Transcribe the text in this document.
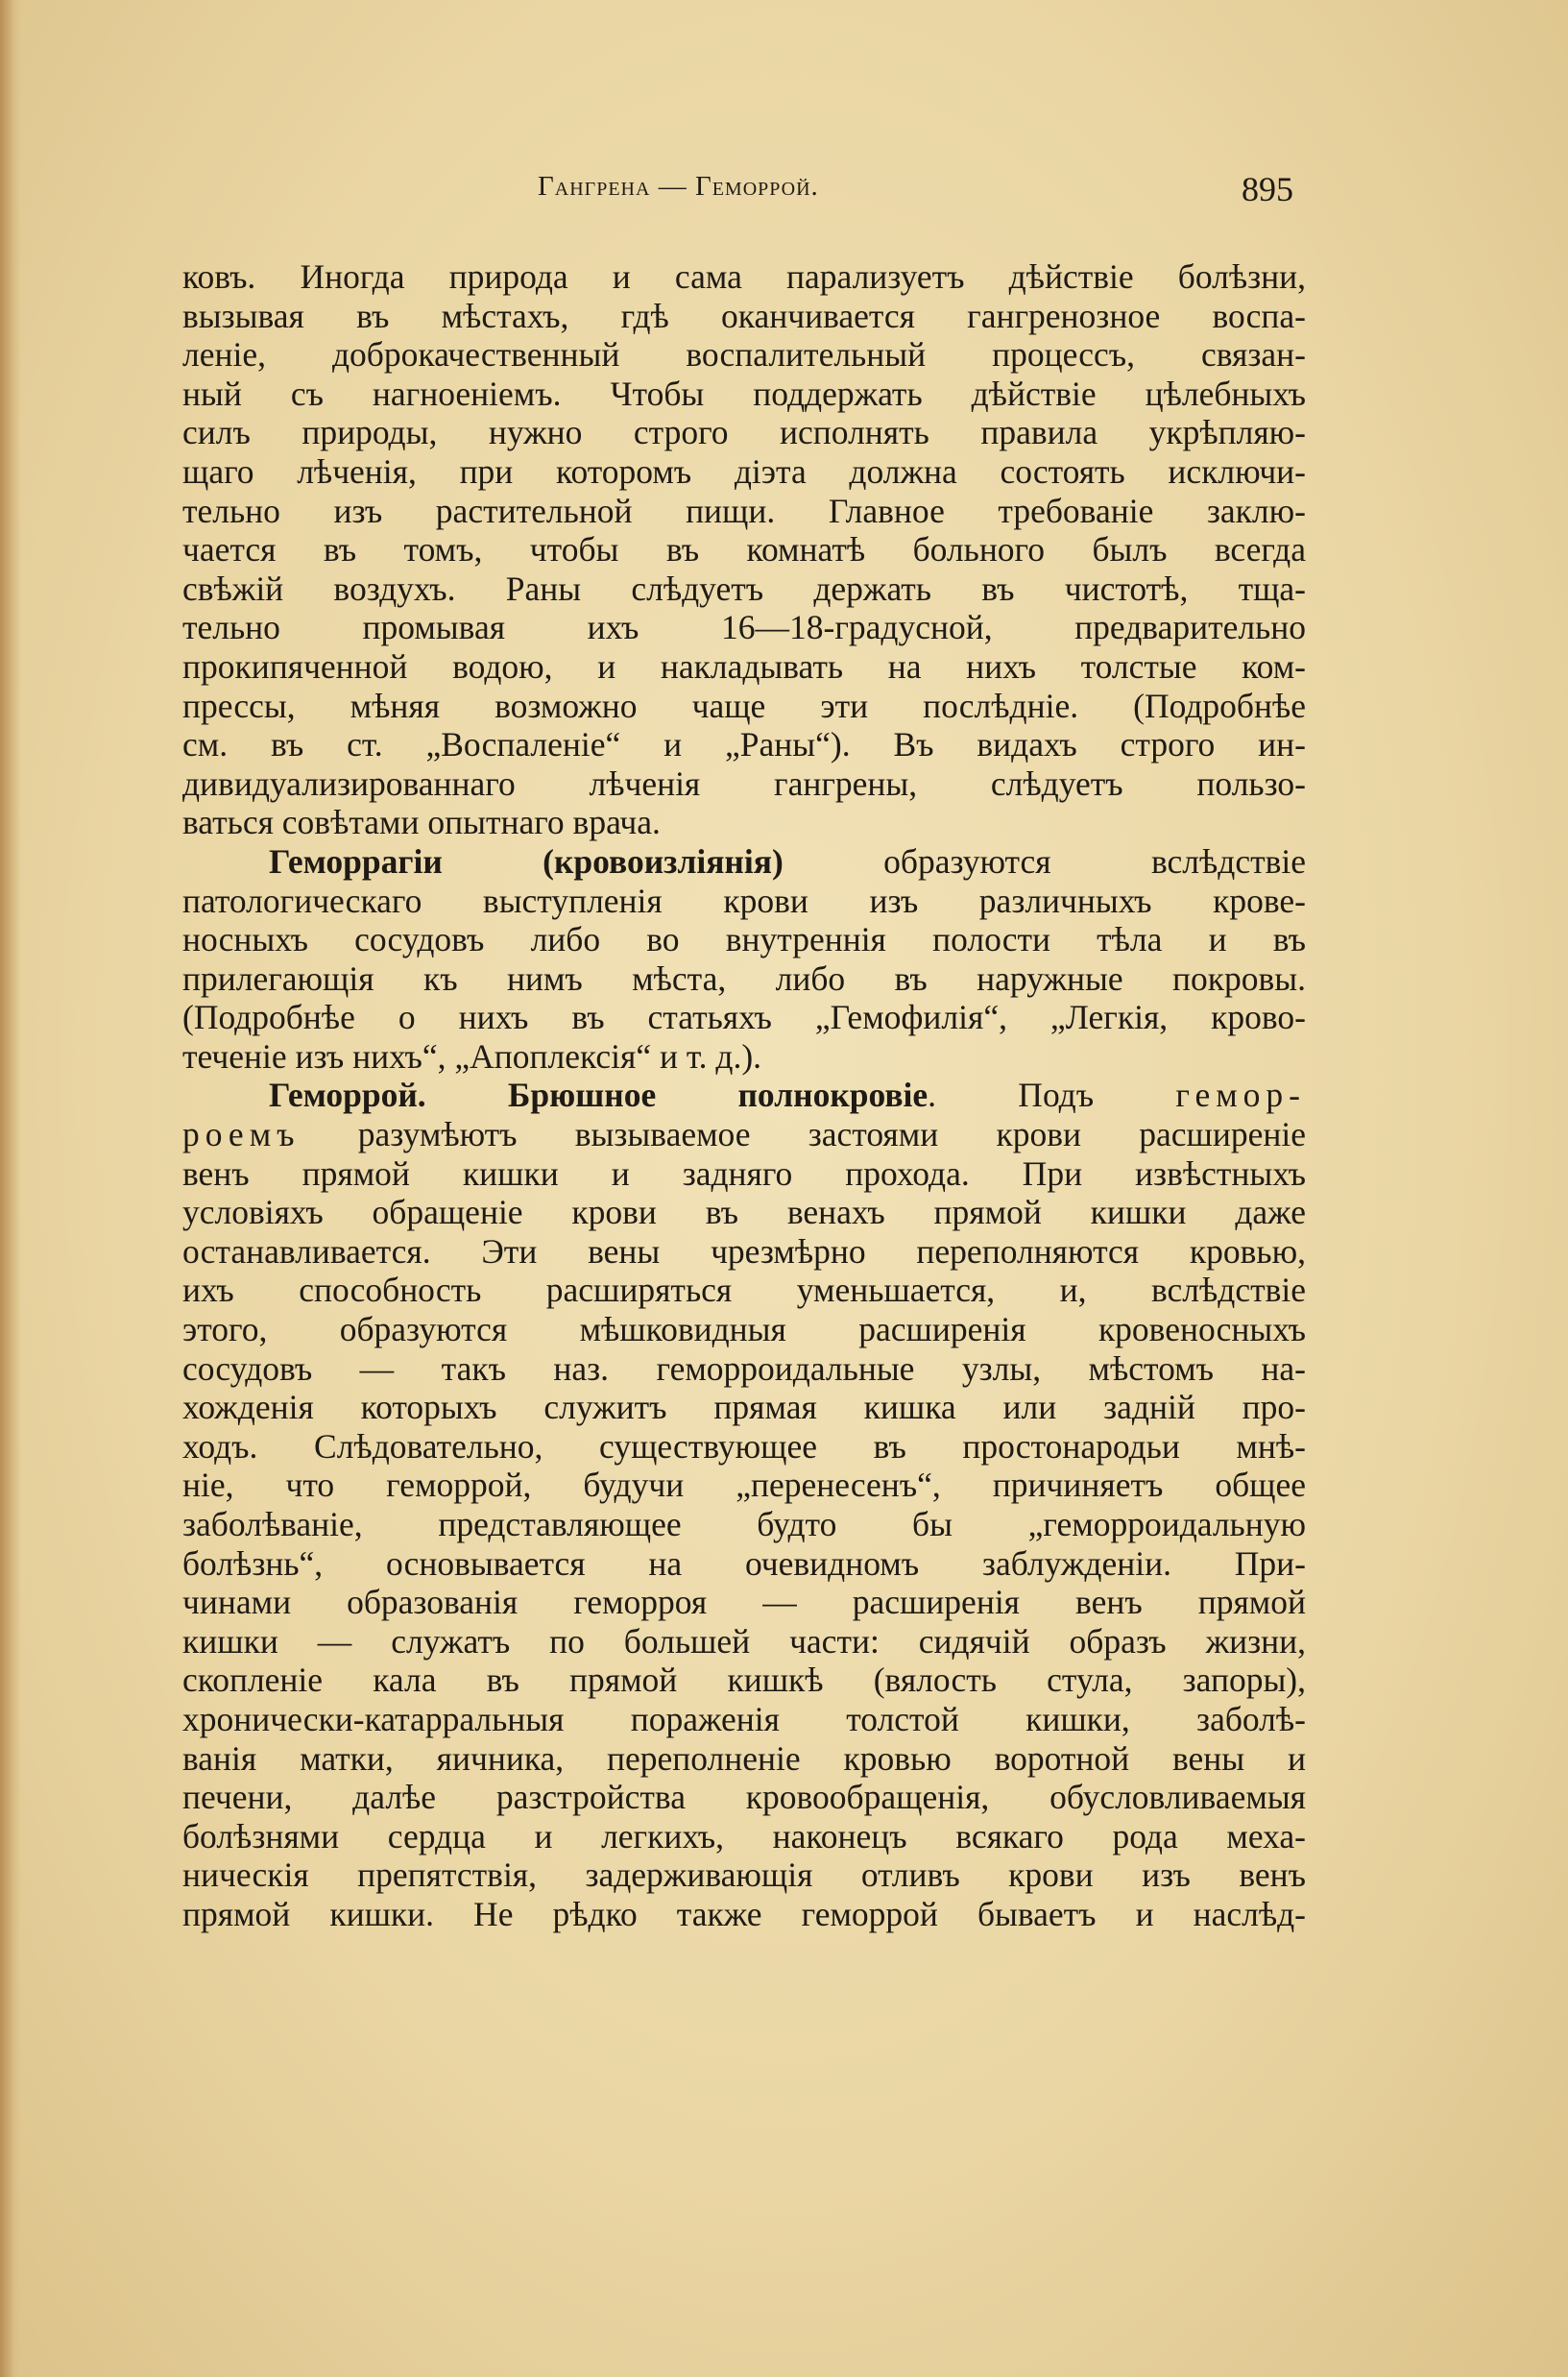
Гангрена — Геморрой.	895
ковъ. Иногда природа и сама парализуетъ дѣйствіе болѣзни,
вызывая въ мѣстахъ, гдѣ оканчивается гангренозное воспа-
леніе, доброкачественный воспалительный процессъ, связан-
ный съ нагноеніемъ. Чтобы поддержать дѣйствіе цѣлебныхъ
силъ природы, нужно строго исполнять правила укрѣпляю-
щаго лѣченія, при которомъ діэта должна состоять исключи-
тельно изъ растительной пищи. Главное требованіе заклю-
чается въ томъ, чтобы въ комнатѣ больного былъ всегда
свѣжій воздухъ. Раны слѣдуетъ держать въ чистотѣ, тща-
тельно промывая ихъ 16—18-градусной, предварительно
прокипяченной водою, и накладывать на нихъ толстые ком-
прессы, мѣняя возможно чаще эти послѣдніе. (Подробнѣе
см. въ ст. „Воспаленіе“ и „Раны“). Въ видахъ строго ин-
дивидуализированнаго лѣченія гангрены, слѣдуетъ пользо-
ваться совѣтами опытнаго врача.
Геморрагіи (кровоизліянія) образуются вслѣдствіе
патологическаго выступленія крови изъ различныхъ крове-
носныхъ сосудовъ либо во внутреннія полости тѣла и въ
прилегающія къ нимъ мѣста, либо въ наружные покровы.
(Подробнѣе о нихъ въ статьяхъ „Гемофилія“, „Легкія, крово-
теченіе изъ нихъ“, „Апоплексія“ и т. д.).
Геморрой. Брюшное полнокровіе. Подъ гемор-
роемъ разумѣютъ вызываемое застоями крови расширеніе
венъ прямой кишки и задняго прохода. При извѣстныхъ
условіяхъ обращеніе крови въ венахъ прямой кишки даже
останавливается. Эти вены чрезмѣрно переполняются кровью,
ихъ способность расширяться уменьшается, и, вслѣдствіе
этого, образуются мѣшковидныя расширенія кровеносныхъ
сосудовъ — такъ наз. геморроидальные узлы, мѣстомъ на-
хожденія которыхъ служитъ прямая кишка или задній про-
ходъ. Слѣдовательно, существующее въ простонародьи мнѣ-
ніе, что геморрой, будучи „перенесенъ“, причиняетъ общее
заболѣваніе, представляющее будто бы „геморроидальную
болѣзнь“, основывается на очевидномъ заблужденіи. При-
чинами образованія геморроя — расширенія венъ прямой
кишки — служатъ по большей части: сидячій образъ жизни,
скопленіе кала въ прямой кишкѣ (вялость стула, запоры),
хронически-катарральныя пораженія толстой кишки, заболѣ-
ванія матки, яичника, переполненіе кровью воротной вены и
печени, далѣе разстройства кровообращенія, обусловливаемыя
болѣзнями сердца и легкихъ, наконецъ всякаго рода меха-
ническія препятствія, задерживающія отливъ крови изъ венъ
прямой кишки. Не рѣдко также геморрой бываетъ и наслѣд-
